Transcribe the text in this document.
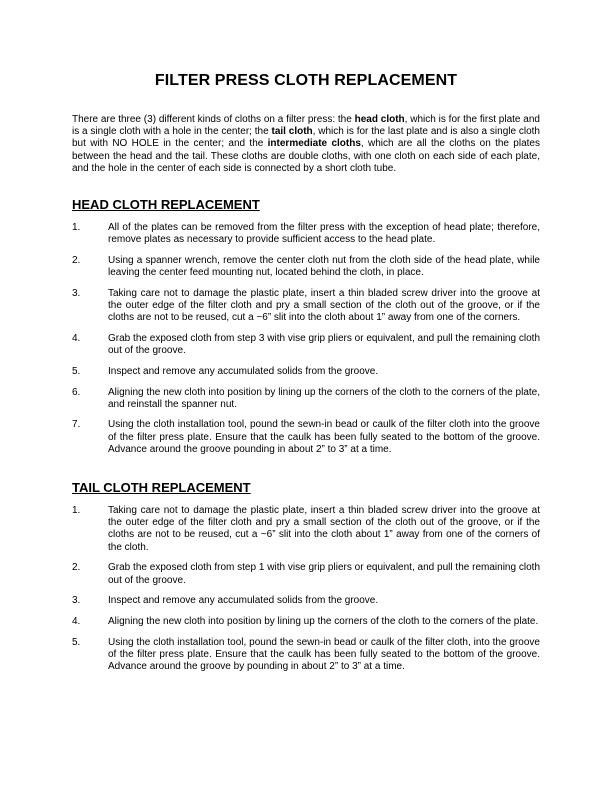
FILTER PRESS CLOTH REPLACEMENT

There are three (3) different kinds of cloths on a filter press: the head cloth, which is for the first plate and is a single cloth with a hole in the center; the tail cloth, which is for the last plate and is also a single cloth but with NO HOLE in the center; and the intermediate cloths, which are all the cloths on the plates between the head and the tail. These cloths are double cloths, with one cloth on each side of each plate, and the hole in the center of each side is connected by a short cloth tube.

HEAD CLOTH REPLACEMENT
1.	All of the plates can be removed from the filter press with the exception of head plate; therefore, remove plates as necessary to provide sufficient access to the head plate.
2.	Using a spanner wrench, remove the center cloth nut from the cloth side of the head plate, while leaving the center feed mounting nut, located behind the cloth, in place.
3.	Taking care not to damage the plastic plate, insert a thin bladed screw driver into the groove at the outer edge of the filter cloth and pry a small section of the cloth out of the groove, or if the cloths are not to be reused, cut a ~6” slit into the cloth about 1” away from one of the corners.
4.	Grab the exposed cloth from step 3 with vise grip pliers or equivalent, and pull the remaining cloth out of the groove.
5.	Inspect and remove any accumulated solids from the groove.
6.	Aligning the new cloth into position by lining up the corners of the cloth to the corners of the plate, and reinstall the spanner nut.
7.	Using the cloth installation tool, pound the sewn-in bead or caulk of the filter cloth into the groove of the filter press plate. Ensure that the caulk has been fully seated to the bottom of the groove. Advance around the groove pounding in about 2” to 3” at a time.
TAIL CLOTH REPLACEMENT
1.	Taking care not to damage the plastic plate, insert a thin bladed screw driver into the groove at the outer edge of the filter cloth and pry a small section of the cloth out of the groove, or if the cloths are not to be reused, cut a ~6” slit into the cloth about 1” away from one of the corners of the cloth.
2.	Grab the exposed cloth from step 1 with vise grip pliers or equivalent, and pull the remaining cloth out of the groove.
3.	Inspect and remove any accumulated solids from the groove.
4.	Aligning the new cloth into position by lining up the corners of the cloth to the corners of the plate.
5.	Using the cloth installation tool, pound the sewn-in bead or caulk of the filter cloth, into the groove of the filter press plate. Ensure that the caulk has been fully seated to the bottom of the groove. Advance around the groove by pounding in about 2” to 3” at a time.
